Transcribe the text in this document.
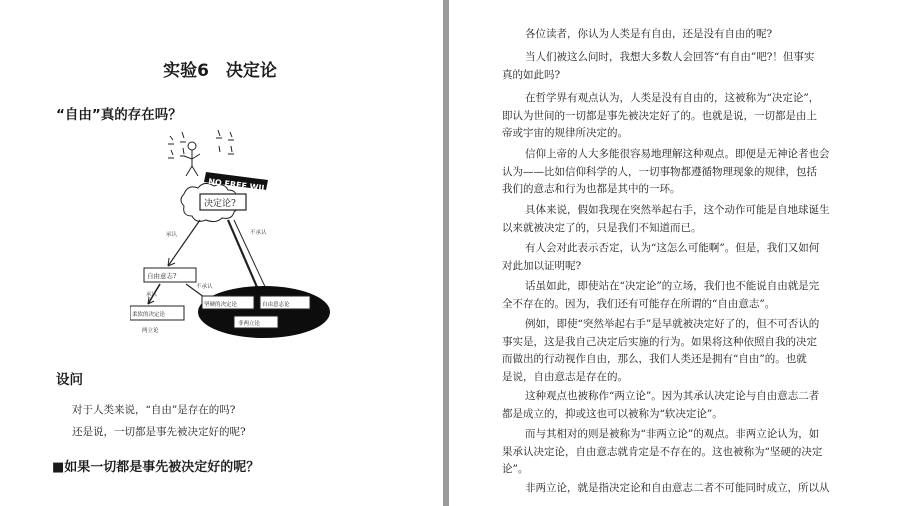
实验6　决定论
“自由”真的存在吗？
NO FREE WILL
决定论?
承认	不承认
自由意志?
承认
不承认
柔软的决定论
坚硬的决定论	自由意志论
两立论
非两立论
设问
对于人类来说，“自由”是存在的吗?
还是说，一切都是事先被决定好的呢?
■如果一切都是事先被决定好的呢？
各位读者，你认为人类是有自由，还是没有自由的呢?
当人们被这么问时，我想大多数人会回答“有自由”吧?！但事实
真的如此吗?
在哲学界有观点认为，人类是没有自由的，这被称为“决定论”，
即认为世间的一切都是事先被决定好了的。也就是说，一切都是由上
帝或宇宙的规律所决定的。
信仰上帝的人大多能很容易地理解这种观点。即便是无神论者也会
认为——比如信仰科学的人，一切事物都遵循物理现象的规律，包括
我们的意志和行为也都是其中的一环。
具体来说，假如我现在突然举起右手，这个动作可能是自地球诞生
以来就被决定了的，只是我们不知道而已。
有人会对此表示否定，认为“这怎么可能啊”。但是，我们又如何
对此加以证明呢?
话虽如此，即使站在“决定论”的立场，我们也不能说自由就是完
全不存在的。因为，我们还有可能存在所谓的“自由意志”。
例如，即使“突然举起右手”是早就被决定好了的，但不可否认的
事实是，这是我自己决定后实施的行为。如果将这种依照自我的决定
而做出的行动视作自由，那么，我们人类还是拥有“自由”的。也就
是说，自由意志是存在的。
这种观点也被称作“两立论”。因为其承认决定论与自由意志二者
都是成立的，抑或这也可以被称为“软决定论”。
而与其相对的则是被称为“非两立论”的观点。非两立论认为，如
果承认决定论，自由意志就肯定是不存在的。这也被称为“坚硬的决定
论”。
非两立论，就是指决定论和自由意志二者不可能同时成立，所以从
